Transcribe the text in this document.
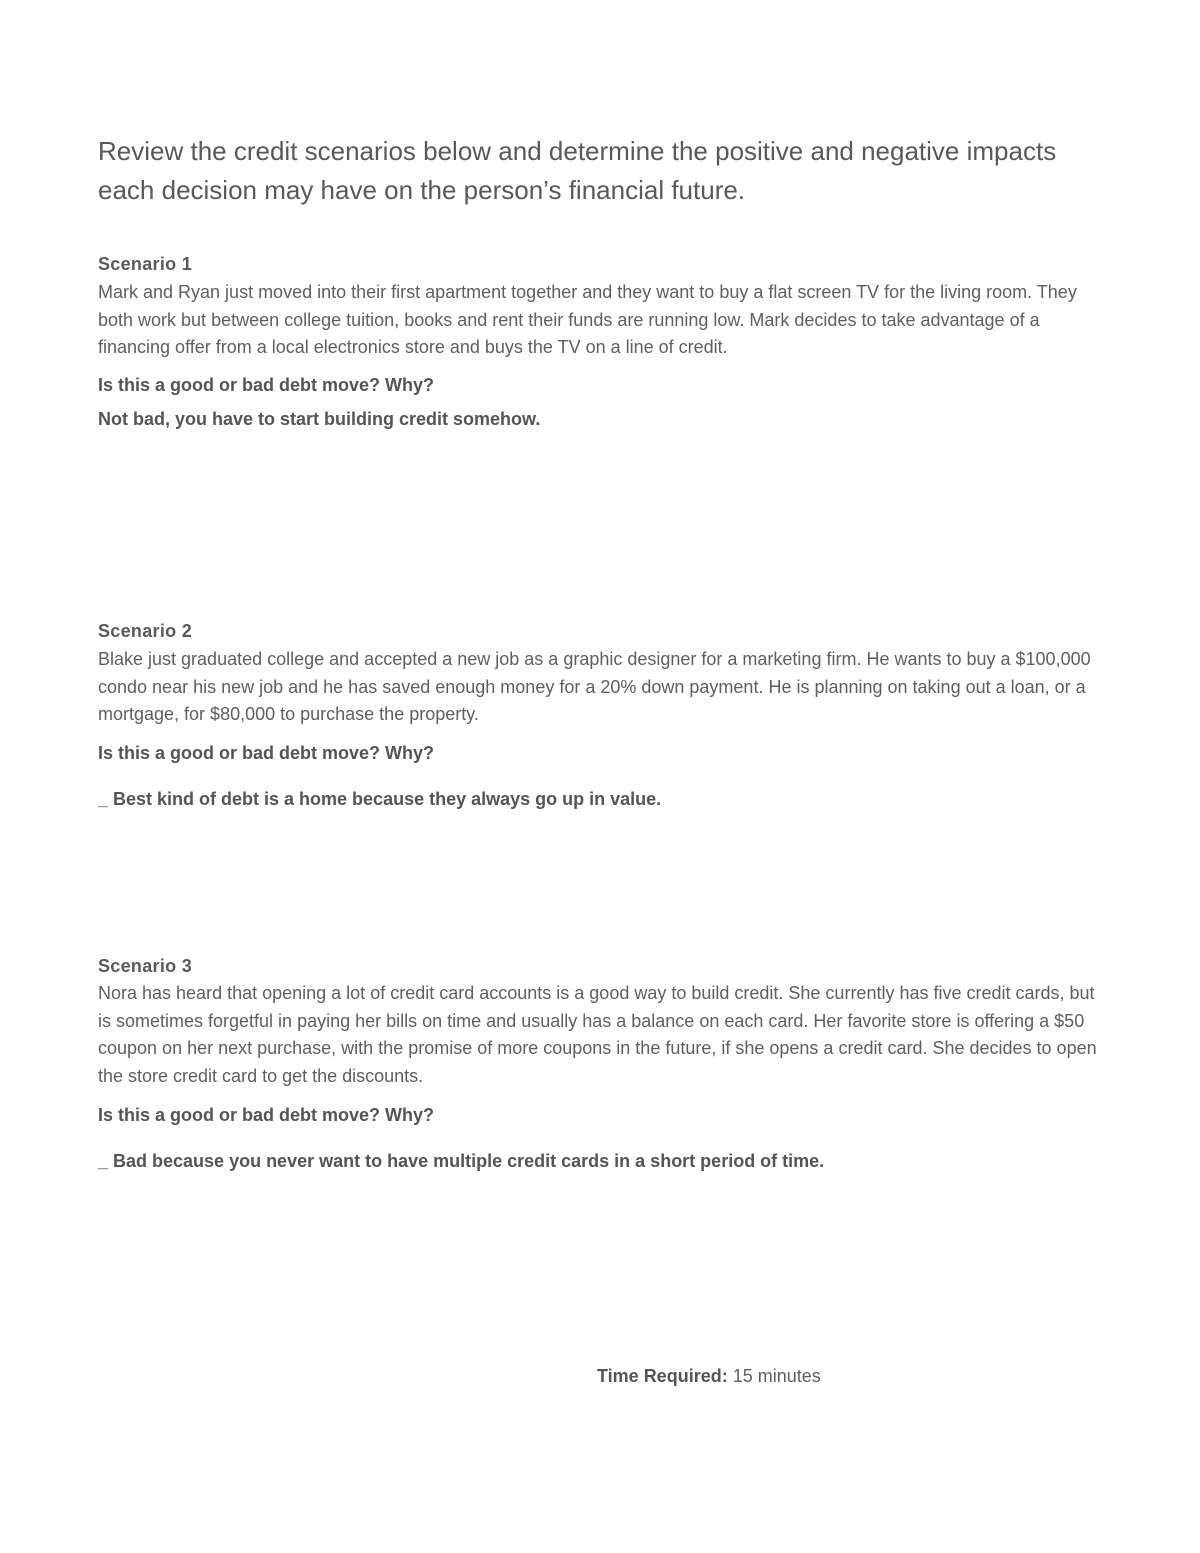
Review the credit scenarios below and determine the positive and negative impacts each decision may have on the person’s financial future.

Scenario 1

Mark and Ryan just moved into their first apartment together and they want to buy a flat screen TV for the living room. They both work but between college tuition, books and rent their funds are running low. Mark decides to take advantage of a financing offer from a local electronics store and buys the TV on a line of credit.

Is this a good or bad debt move? Why?

Not bad, you have to start building credit somehow.

Scenario 2

Blake just graduated college and accepted a new job as a graphic designer for a marketing firm. He wants to buy a $100,000 condo near his new job and he has saved enough money for a 20% down payment. He is planning on taking out a loan, or a mortgage, for $80,000 to purchase the property.

Is this a good or bad debt move? Why?

_ Best kind of debt is a home because they always go up in value.

Scenario 3

Nora has heard that opening a lot of credit card accounts is a good way to build credit. She currently has five credit cards, but is sometimes forgetful in paying her bills on time and usually has a balance on each card. Her favorite store is offering a $50 coupon on her next purchase, with the promise of more coupons in the future, if she opens a credit card. She decides to open the store credit card to get the discounts.

Is this a good or bad debt move? Why?

_ Bad because you never want to have multiple credit cards in a short period of time.

Time Required: 15 minutes
